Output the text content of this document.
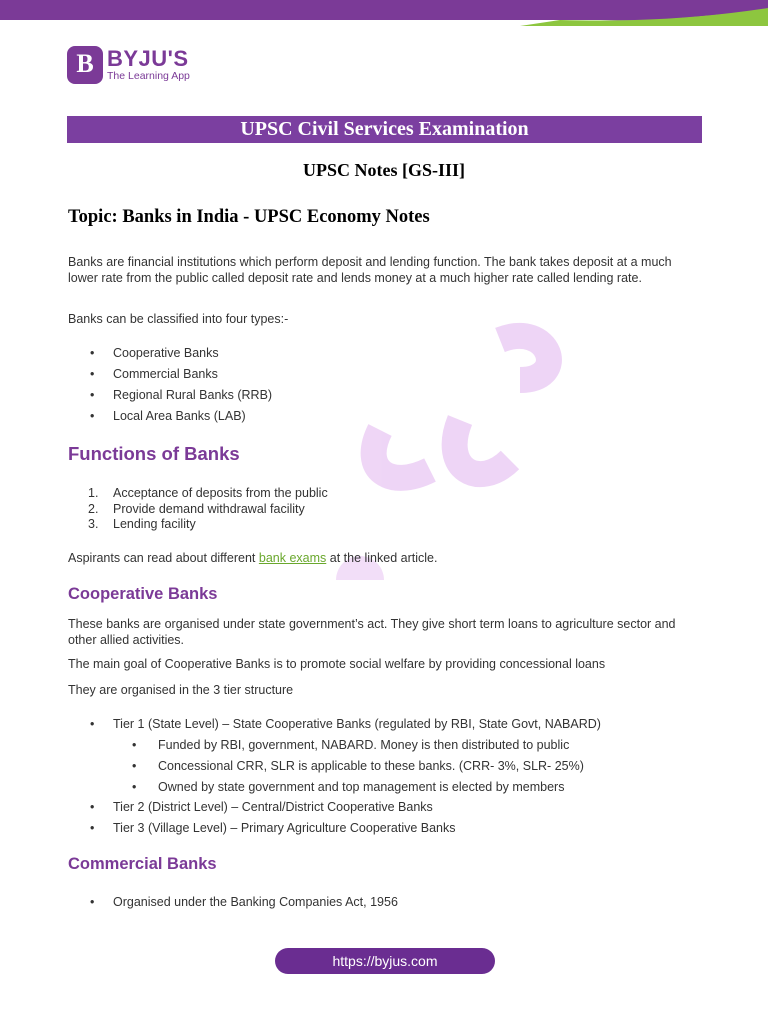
B BYJU'S
The Learning App
UPSC Civil Services Examination
UPSC Notes [GS-III]
Topic: Banks in India - UPSC Economy Notes
Banks are financial institutions which perform deposit and lending function. The bank takes deposit at a much lower rate from the public called deposit rate and lends money at a much higher rate called lending rate.
Banks can be classified into four types:-
• Cooperative Banks
• Commercial Banks
• Regional Rural Banks (RRB)
• Local Area Banks (LAB)
Functions of Banks
1. Acceptance of deposits from the public
2. Provide demand withdrawal facility
3. Lending facility
Aspirants can read about different bank exams at the linked article.
Cooperative Banks
These banks are organised under state government’s act. They give short term loans to agriculture sector and other allied activities.
The main goal of Cooperative Banks is to promote social welfare by providing concessional loans
They are organised in the 3 tier structure
• Tier 1 (State Level) – State Cooperative Banks (regulated by RBI, State Govt, NABARD)
• Funded by RBI, government, NABARD. Money is then distributed to public
• Concessional CRR, SLR is applicable to these banks. (CRR- 3%, SLR- 25%)
• Owned by state government and top management is elected by members
• Tier 2 (District Level) – Central/District Cooperative Banks
• Tier 3 (Village Level) – Primary Agriculture Cooperative Banks
Commercial Banks
• Organised under the Banking Companies Act, 1956
https://byjus.com
